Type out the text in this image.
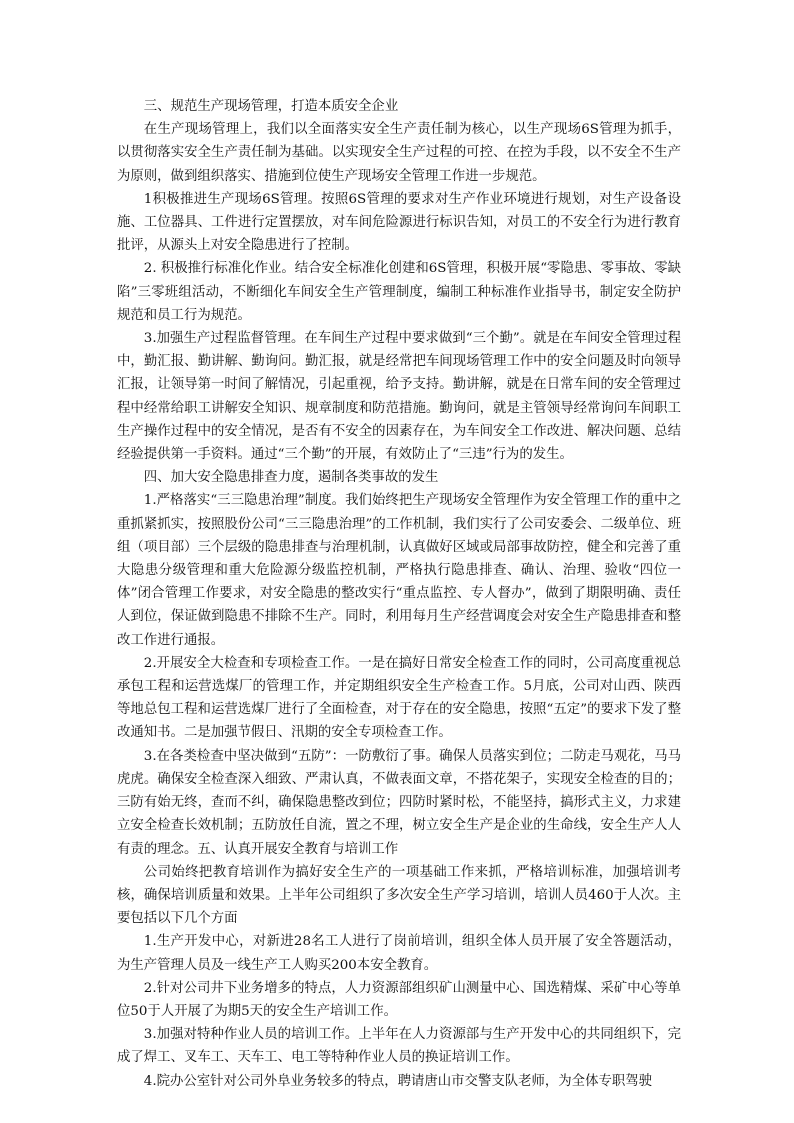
三、规范生产现场管理，打造本质安全企业

在生产现场管理上，我们以全面落实安全生产责任制为核心，以生产现场6S管理为抓手，以贯彻落实安全生产责任制为基础。以实现安全生产过程的可控、在控为手段，以不安全不生产为原则，做到组织落实、措施到位使生产现场安全管理工作进一步规范。

1积极推进生产现场6S管理。按照6S管理的要求对生产作业环境进行规划，对生产设备设施、工位器具、工件进行定置摆放，对车间危险源进行标识告知，对员工的不安全行为进行教育批评，从源头上对安全隐患进行了控制。

2. 积极推行标准化作业。结合安全标准化创建和6S管理，积极开展“零隐患、零事故、零缺陷”三零班组活动，不断细化车间安全生产管理制度，编制工种标准作业指导书，制定安全防护规范和员工行为规范。

3.加强生产过程监督管理。在车间生产过程中要求做到“三个勤”。就是在车间安全管理过程中，勤汇报、勤讲解、勤询问。勤汇报，就是经常把车间现场管理工作中的安全问题及时向领导汇报，让领导第一时间了解情况，引起重视，给予支持。勤讲解，就是在日常车间的安全管理过程中经常给职工讲解安全知识、规章制度和防范措施。勤询问，就是主管领导经常询问车间职工生产操作过程中的安全情况，是否有不安全的因素存在，为车间安全工作改进、解决问题、总结经验提供第一手资料。通过“三个勤”的开展，有效防止了“三违”行为的发生。

四、加大安全隐患排查力度，遏制各类事故的发生

1.严格落实“三三隐患治理”制度。我们始终把生产现场安全管理作为安全管理工作的重中之重抓紧抓实，按照股份公司“三三隐患治理”的工作机制，我们实行了公司安委会、二级单位、班组（项目部）三个层级的隐患排查与治理机制，认真做好区域或局部事故防控，健全和完善了重大隐患分级管理和重大危险源分级监控机制，严格执行隐患排查、确认、治理、验收“四位一体”闭合管理工作要求，对安全隐患的整改实行“重点监控、专人督办”，做到了期限明确、责任人到位，保证做到隐患不排除不生产。同时，利用每月生产经营调度会对安全生产隐患排查和整改工作进行通报。

2.开展安全大检查和专项检查工作。一是在搞好日常安全检查工作的同时，公司高度重视总承包工程和运营选煤厂的管理工作，并定期组织安全生产检查工作。5月底，公司对山西、陕西等地总包工程和运营选煤厂进行了全面检查，对于存在的安全隐患，按照“五定”的要求下发了整改通知书。二是加强节假日、汛期的安全专项检查工作。

3.在各类检查中坚决做到“五防”：一防敷衍了事。确保人员落实到位；二防走马观花，马马虎虎。确保安全检查深入细致、严肃认真，不做表面文章，不搭花架子，实现安全检查的目的；三防有始无终，查而不纠，确保隐患整改到位；四防时紧时松，不能坚持，搞形式主义，力求建立安全检查长效机制；五防放任自流，置之不理，树立安全生产是企业的生命线，安全生产人人有责的理念。五、认真开展安全教育与培训工作

公司始终把教育培训作为搞好安全生产的一项基础工作来抓，严格培训标准，加强培训考核，确保培训质量和效果。上半年公司组织了多次安全生产学习培训，培训人员460于人次。主要包括以下几个方面

1.生产开发中心，对新进28名工人进行了岗前培训，组织全体人员开展了安全答题活动，为生产管理人员及一线生产工人购买200本安全教育。

2.针对公司井下业务增多的特点，人力资源部组织矿山测量中心、国选精煤、采矿中心等单位50于人开展了为期5天的安全生产培训工作。

3.加强对特种作业人员的培训工作。上半年在人力资源部与生产开发中心的共同组织下，完成了焊工、叉车工、天车工、电工等特种作业人员的换证培训工作。

4.院办公室针对公司外阜业务较多的特点，聘请唐山市交警支队老师，为全体专职驾驶
